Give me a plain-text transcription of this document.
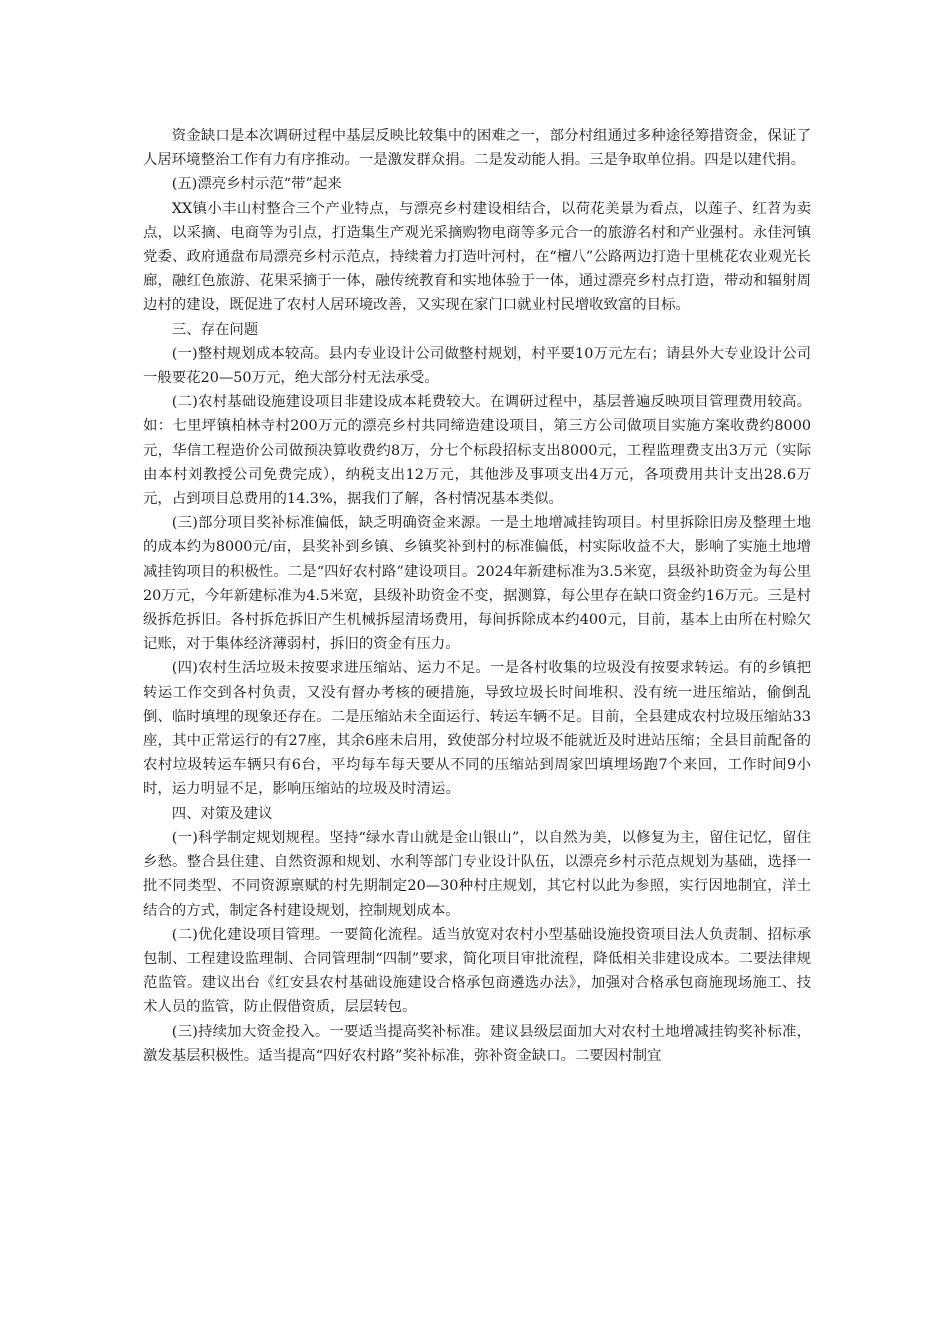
资金缺口是本次调研过程中基层反映比较集中的困难之一，部分村组通过多种途径筹措资金，保证了人居环境整治工作有力有序推动。一是激发群众捐。二是发动能人捐。三是争取单位捐。四是以建代捐。

(五)漂亮乡村示范“带”起来

XX镇小丰山村整合三个产业特点，与漂亮乡村建设相结合，以荷花美景为看点，以莲子、红苕为卖点，以采摘、电商等为引点，打造集生产观光采摘购物电商等多元合一的旅游名村和产业强村。永佳河镇党委、政府通盘布局漂亮乡村示范点，持续着力打造叶河村，在“檀八”公路两边打造十里桃花农业观光长廊，融红色旅游、花果采摘于一体，融传统教育和实地体验于一体，通过漂亮乡村点打造，带动和辐射周边村的建设，既促进了农村人居环境改善，又实现在家门口就业村民增收致富的目标。

三、存在问题

(一)整村规划成本较高。县内专业设计公司做整村规划，村平要10万元左右；请县外大专业设计公司一般要花20—50万元，绝大部分村无法承受。

(二)农村基础设施建设项目非建设成本耗费较大。在调研过程中，基层普遍反映项目管理费用较高。如：七里坪镇柏林寺村200万元的漂亮乡村共同缔造建设项目，第三方公司做项目实施方案收费约8000元，华信工程造价公司做预决算收费约8万，分七个标段招标支出8000元，工程监理费支出3万元（实际由本村刘教授公司免费完成），纳税支出12万元，其他涉及事项支出4万元，各项费用共计支出28.6万元，占到项目总费用的14.3%，据我们了解，各村情况基本类似。

(三)部分项目奖补标准偏低，缺乏明确资金来源。一是土地增减挂钩项目。村里拆除旧房及整理土地的成本约为8000元/亩，县奖补到乡镇、乡镇奖补到村的标准偏低，村实际收益不大，影响了实施土地增减挂钩项目的积极性。二是“四好农村路”建设项目。2024年新建标准为3.5米宽，县级补助资金为每公里20万元，今年新建标准为4.5米宽，县级补助资金不变，据测算，每公里存在缺口资金约16万元。三是村级拆危拆旧。各村拆危拆旧产生机械拆屋清场费用，每间拆除成本约400元，目前，基本上由所在村赊欠记账，对于集体经济薄弱村，拆旧的资金有压力。

(四)农村生活垃圾未按要求进压缩站、运力不足。一是各村收集的垃圾没有按要求转运。有的乡镇把转运工作交到各村负责，又没有督办考核的硬措施，导致垃圾长时间堆积、没有统一进压缩站，偷倒乱倒、临时填埋的现象还存在。二是压缩站未全面运行、转运车辆不足。目前，全县建成农村垃圾压缩站33座，其中正常运行的有27座，其余6座未启用，致使部分村垃圾不能就近及时进站压缩；全县目前配备的农村垃圾转运车辆只有6台，平均每车每天要从不同的压缩站到周家凹填埋场跑7个来回，工作时间9小时，运力明显不足，影响压缩站的垃圾及时清运。

四、对策及建议

(一)科学制定规划规程。坚持“绿水青山就是金山银山”，以自然为美，以修复为主，留住记忆，留住乡愁。整合县住建、自然资源和规划、水利等部门专业设计队伍，以漂亮乡村示范点规划为基础，选择一批不同类型、不同资源禀赋的村先期制定20—30种村庄规划，其它村以此为参照，实行因地制宜，洋土结合的方式，制定各村建设规划，控制规划成本。

(二)优化建设项目管理。一要简化流程。适当放宽对农村小型基础设施投资项目法人负责制、招标承包制、工程建设监理制、合同管理制“四制”要求，简化项目审批流程，降低相关非建设成本。二要法律规范监管。建议出台《红安县农村基础设施建设合格承包商遴选办法》，加强对合格承包商施现场施工、技术人员的监管，防止假借资质，层层转包。

(三)持续加大资金投入。一要适当提高奖补标准。建议县级层面加大对农村土地增减挂钩奖补标准，激发基层积极性。适当提高“四好农村路”奖补标准，弥补资金缺口。二要因村制宜
